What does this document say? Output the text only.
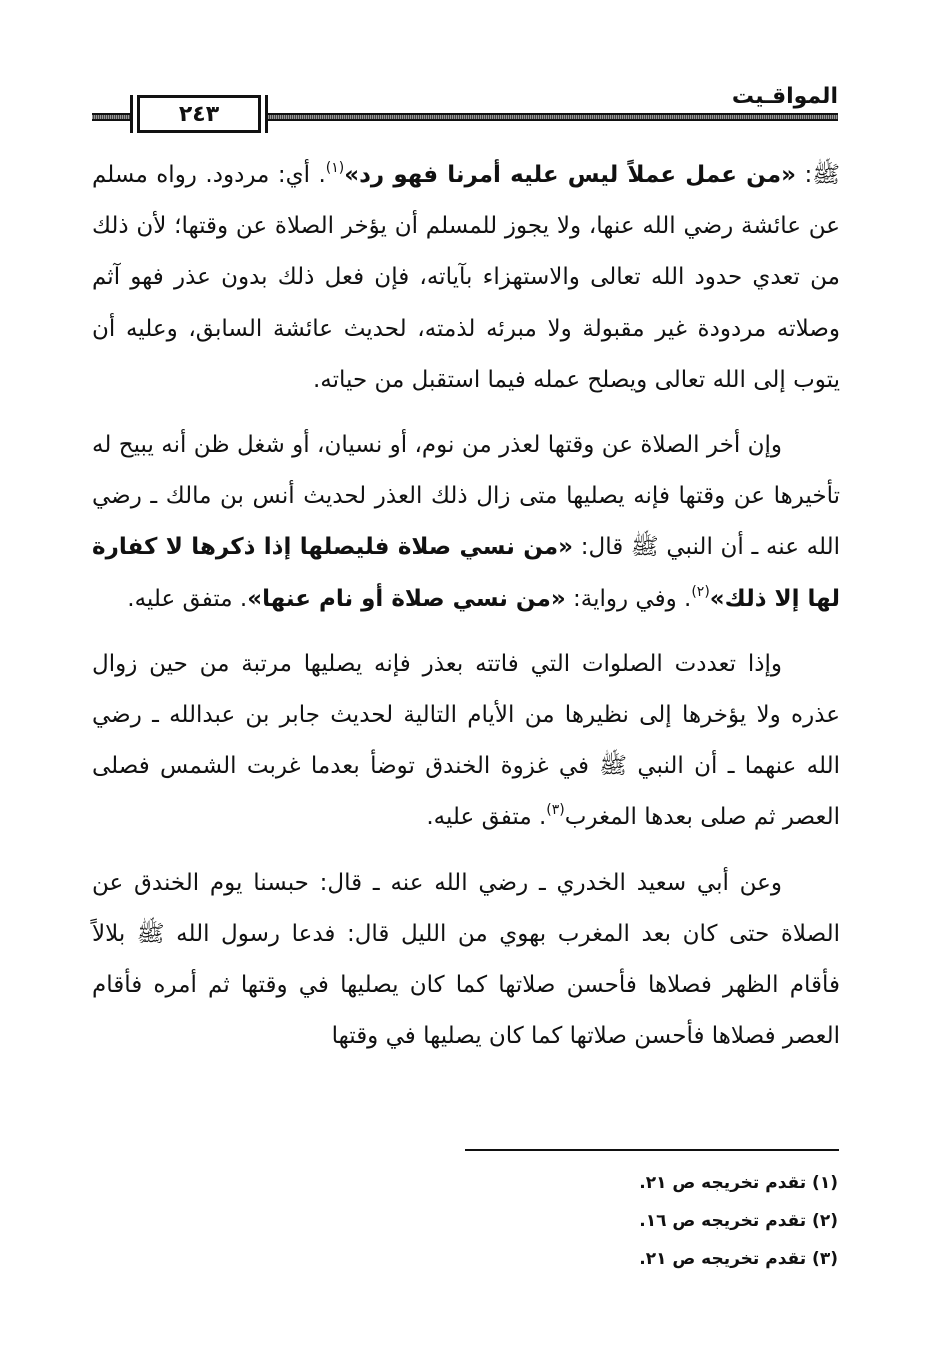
٢٤٣
المواقـيت

ﷺ: «من عمل عملاً ليس عليه أمرنا فهو رد»$^{(١)}$. أي: مردود. رواه مسلم عن عائشة رضي الله عنها، ولا يجوز للمسلم أن يؤخر الصلاة عن وقتها؛ لأن ذلك من تعدي حدود الله تعالى والاستهزاء بآياته، فإن فعل ذلك بدون عذر فهو آثم وصلاته مردودة غير مقبولة ولا مبرئه لذمته، لحديث عائشة السابق، وعليه أن يتوب إلى الله تعالى ويصلح عمله فيما استقبل من حياته.

وإن أخر الصلاة عن وقتها لعذر من نوم، أو نسيان، أو شغل ظن أنه يبيح له تأخيرها عن وقتها فإنه يصليها متى زال ذلك العذر لحديث أنس بن مالك ـ رضي الله عنه ـ أن النبي ﷺ قال: «من نسي صلاة فليصلها إذا ذكرها لا كفارة لها إلا ذلك»$^{(٢)}$. وفي رواية: «من نسي صلاة أو نام عنها». متفق عليه.

وإذا تعددت الصلوات التي فاتته بعذر فإنه يصليها مرتبة من حين زوال عذره ولا يؤخرها إلى نظيرها من الأيام التالية لحديث جابر بن عبدالله ـ رضي الله عنهما ـ أن النبي ﷺ في غزوة الخندق توضأ بعدما غربت الشمس فصلى العصر ثم صلى بعدها المغرب$^{(٣)}$. متفق عليه.

وعن أبي سعيد الخدري ـ رضي الله عنه ـ قال: حبسنا يوم الخندق عن الصلاة حتى كان بعد المغرب بهوي من الليل قال: فدعا رسول الله ﷺ بلالاً فأقام الظهر فصلاها فأحسن صلاتها كما كان يصليها في وقتها ثم أمره فأقام العصر فصلاها فأحسن صلاتها كما كان يصليها في وقتها

(١) تقدم تخريجه ص ٢١.
(٢) تقدم تخريجه ص ١٦.
(٣) تقدم تخريجه ص ٢١.
